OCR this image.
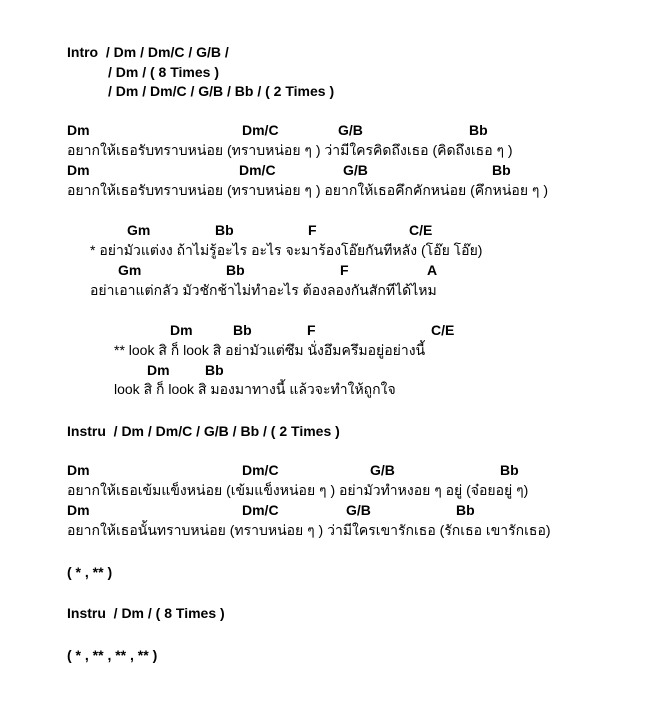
Intro  / Dm / Dm/C / G/B /
/ Dm / ( 8 Times )
/ Dm / Dm/C / G/B / Bb / ( 2 Times )
Dm	Dm/C	G/B	Bb
อยากให้เธอรับทราบหน่อย (ทราบหน่อย ๆ ) ว่ามีใครคิดถึงเธอ (คิดถึงเธอ ๆ )
Dm	Dm/C	G/B	Bb
อยากให้เธอรับทราบหน่อย (ทราบหน่อย ๆ ) อยากให้เธอคึกคักหน่อย (คึกหน่อย ๆ )
Gm	Bb	F	C/E
* อย่ามัวแต่งง ถ้าไม่รู้อะไร อะไร จะมาร้องโอ๊ยกันทีหลัง (โอ๊ย โอ๊ย)
Gm	Bb	F	A
อย่าเอาแต่กลัว มัวชักช้าไม่ทำอะไร ต้องลองกันสักทีได้ไหม
Dm	Bb	F	C/E
** look สิ ก็ look สิ อย่ามัวแต่ซึม นั่งอึมครึมอยู่อย่างนี้
Dm	Bb
look สิ ก็ look สิ มองมาทางนี้ แล้วจะทำให้ถูกใจ
Instru  / Dm / Dm/C / G/B / Bb / ( 2 Times )
Dm	Dm/C	G/B	Bb
อยากให้เธอเข้มแข็งหน่อย (เข้มแข็งหน่อย ๆ ) อย่ามัวทำหงอย ๆ อยู่ (จ๋อยอยู่ ๆ)
Dm	Dm/C	G/B	Bb
อยากให้เธอนั้นทราบหน่อย (ทราบหน่อย ๆ ) ว่ามีใครเขารักเธอ (รักเธอ เขารักเธอ)
( * , ** )
Instru  / Dm / ( 8 Times )
( * , ** , ** , ** )
